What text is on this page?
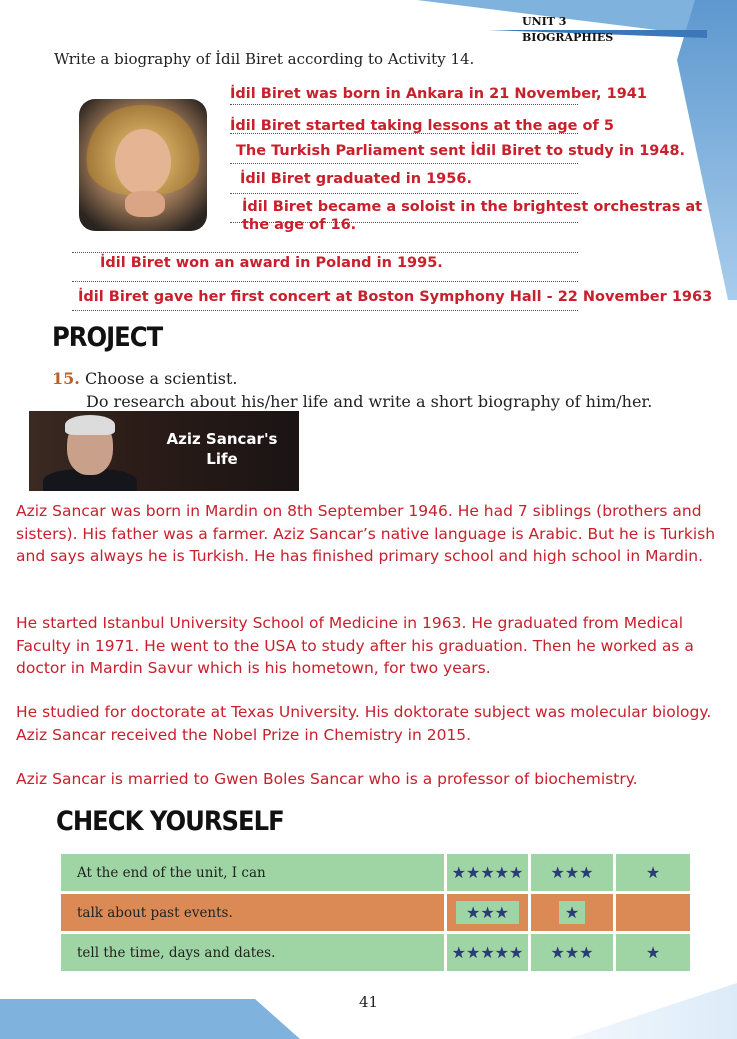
UNIT 3
BIOGRAPHIES
Write a biography of İdil Biret according to Activity 14.
İdil Biret was born in Ankara in 21 November, 1941
İdil Biret started taking lessons at the age of 5
The Turkish Parliament sent İdil Biret to study in 1948.
İdil Biret graduated in 1956.
İdil Biret became a soloist in the brightest orchestras at
the age of 16.
İdil Biret won an award in Poland in 1995.
İdil Biret gave her first concert at Boston Symphony Hall - 22 November 1963
PROJECT
15. Choose a scientist.
Do research about his/her life and write a short biography of him/her.
Aziz Sancar's
Life
Aziz Sancar was born in Mardin on 8th September 1946. He had 7 siblings (brothers and sisters). His father was a farmer. Aziz Sancar’s native language is Arabic. But he is Turkish and says always he is Turkish. He has finished primary school and high school in Mardin.
He started Istanbul University School of Medicine in 1963. He graduated from Medical Faculty in 1971. He went to the USA to study after his graduation. Then he worked as a doctor in Mardin Savur which is his hometown, for two years.
He studied for doctorate at Texas University. His doktorate subject was molecular biology. Aziz Sancar received the Nobel Prize in Chemistry in 2015.
Aziz Sancar is married to Gwen Boles Sancar who is a professor of biochemistry.
CHECK YOURSELF
At the end of the unit, I can	★★★★★	★★★	★

talk about past events.	★★★	★	

tell the time, days and dates.	★★★★★	★★★	★
41
